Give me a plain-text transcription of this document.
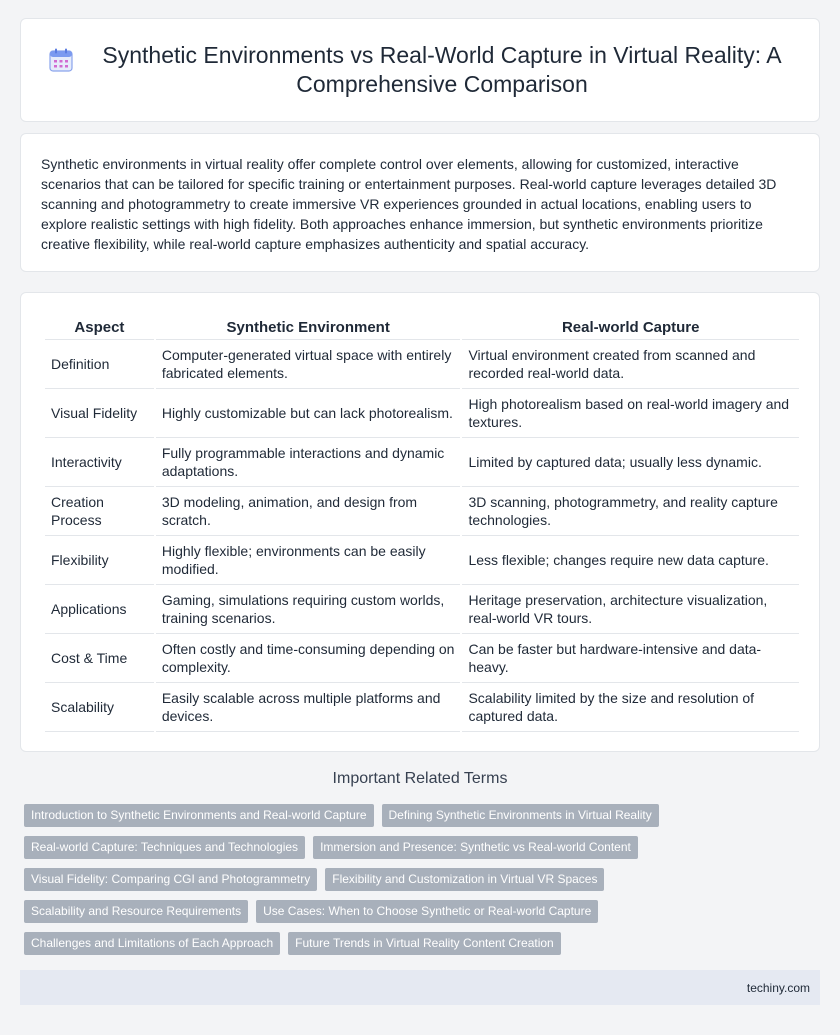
Synthetic Environments vs Real-World Capture in Virtual Reality: A Comprehensive Comparison

Synthetic environments in virtual reality offer complete control over elements, allowing for customized, interactive scenarios that can be tailored for specific training or entertainment purposes. Real-world capture leverages detailed 3D scanning and photogrammetry to create immersive VR experiences grounded in actual locations, enabling users to explore realistic settings with high fidelity. Both approaches enhance immersion, but synthetic environments prioritize creative flexibility, while real-world capture emphasizes authenticity and spatial accuracy.

Aspect	Synthetic Environment	Real-world Capture
Definition	Computer-generated virtual space with entirely fabricated elements.	Virtual environment created from scanned and recorded real-world data.
Visual Fidelity	Highly customizable but can lack photorealism.	High photorealism based on real-world imagery and textures.
Interactivity	Fully programmable interactions and dynamic adaptations.	Limited by captured data; usually less dynamic.
Creation Process	3D modeling, animation, and design from scratch.	3D scanning, photogrammetry, and reality capture technologies.
Flexibility	Highly flexible; environments can be easily modified.	Less flexible; changes require new data capture.
Applications	Gaming, simulations requiring custom worlds, training scenarios.	Heritage preservation, architecture visualization, real-world VR tours.
Cost & Time	Often costly and time-consuming depending on complexity.	Can be faster but hardware-intensive and data-heavy.
Scalability	Easily scalable across multiple platforms and devices.	Scalability limited by the size and resolution of captured data.
Important Related Terms
Introduction to Synthetic Environments and Real-world Capture	Defining Synthetic Environments in Virtual Reality
Real-world Capture: Techniques and Technologies	Immersion and Presence: Synthetic vs Real-world Content
Visual Fidelity: Comparing CGI and Photogrammetry	Flexibility and Customization in Virtual VR Spaces
Scalability and Resource Requirements	Use Cases: When to Choose Synthetic or Real-world Capture
Challenges and Limitations of Each Approach	Future Trends in Virtual Reality Content Creation
techiny.com
